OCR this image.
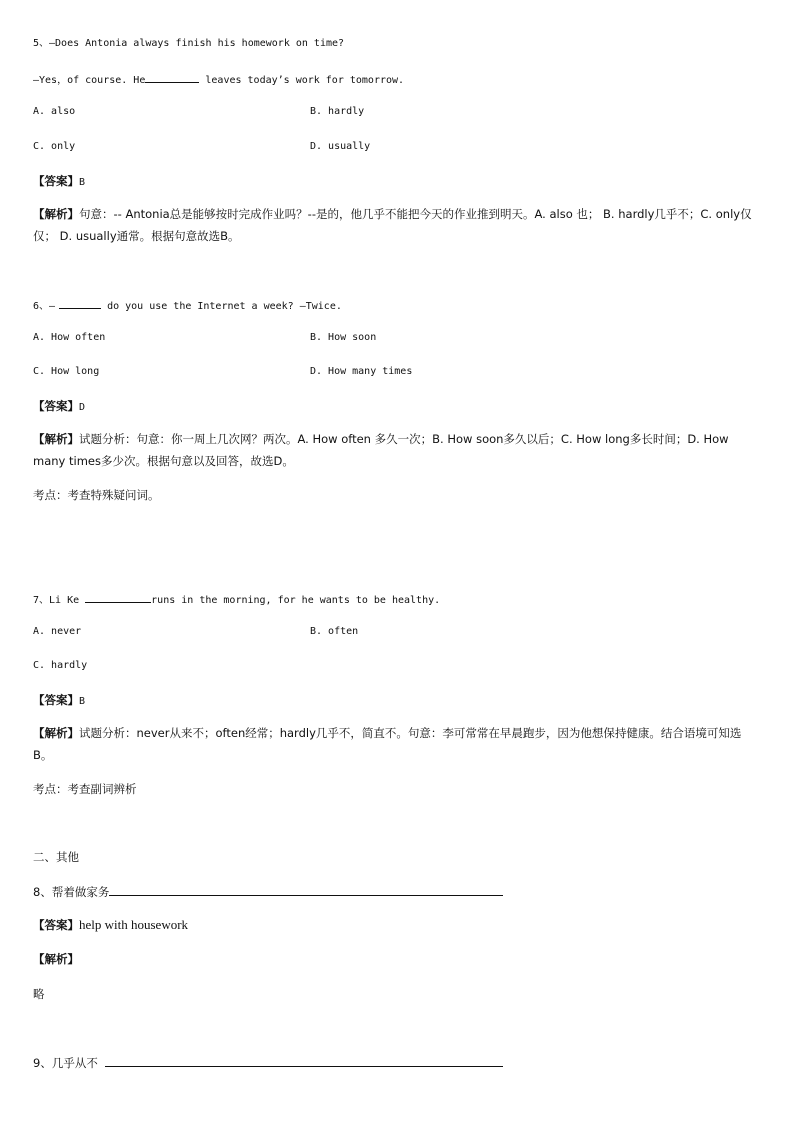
5、—Does Antonia always finish his homework on time?
—Yes，of course. He	leaves today’s work for tomorrow.
A. also	B. hardly
C. only	D. usually
【答案】B
【解析】句意：-- Antonia总是能够按时完成作业吗？--是的，他几乎不能把今天的作业推到明天。A. also 也； B. hardly几乎不；C. only仅仅； D. usually通常。根据句意故选B。
6、—	do you use the Internet a week? —Twice.
A. How often	B. How soon
C. How long	D. How many times
【答案】D
【解析】试题分析：句意：你一周上几次网？两次。A. How often 多久一次；B. How soon多久以后；C. How long多长时间；D. How many times多少次。根据句意以及回答，故选D。
考点：考查特殊疑问词。
7、Li Ke	runs in the morning, for he wants to be healthy.
A. never	B. often
C. hardly
【答案】B
【解析】试题分析：never从来不；often经常；hardly几乎不，简直不。句意：李可常常在早晨跑步，因为他想保持健康。结合语境可知选B。
考点：考查副词辨析
二、其他
8、帮着做家务
【答案】help with housework
【解析】
略
9、几乎从不
